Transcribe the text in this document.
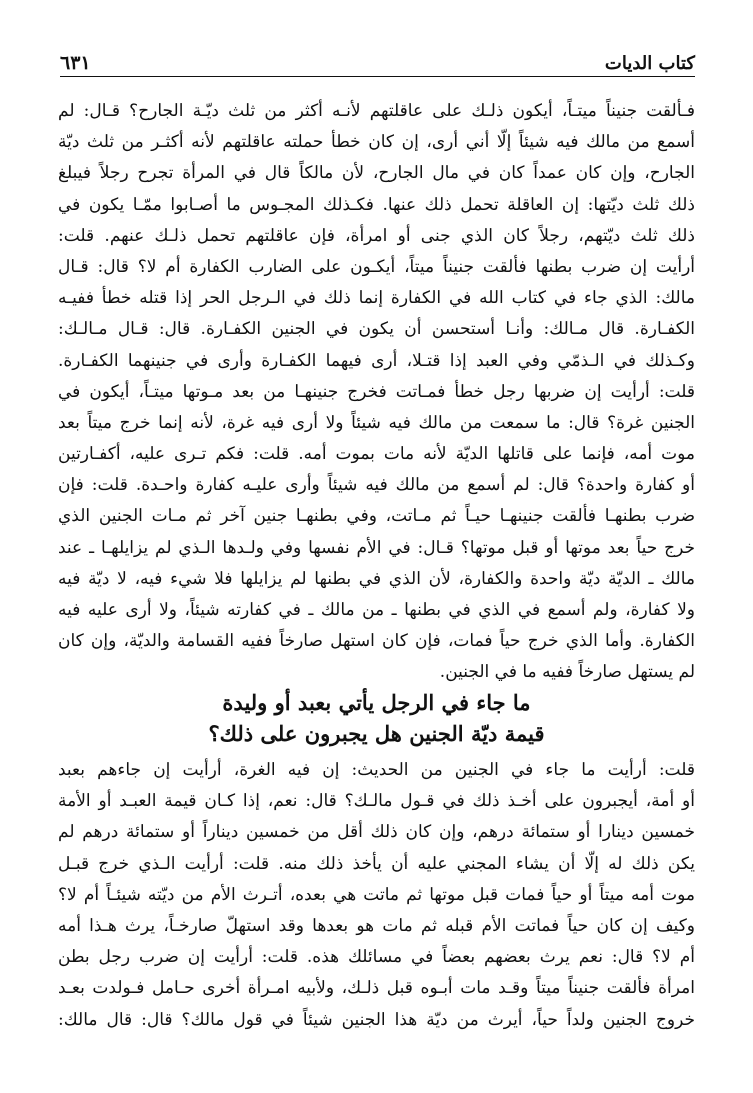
٦٣١	كتاب الديات
فـألقت جنيناً ميتـاً، أيكون ذلـك على عاقلتهم لأنـه أكثر من ثلث ديّـة الجارح؟ قـال: لم
أسمع من مالك فيه شيئاً إلّا أني أرى، إن كان خطأ حملته عاقلتهم لأنه أكثـر من ثلث ديّة
الجارح، وإن كان عمداً كان في مال الجارح، لأن مالكاً قال في المرأة تجرح رجلاً فيبلغ
ذلك ثلث ديّتها: إن العاقلة تحمل ذلك عنها. فكـذلك المجـوس ما أصـابوا ممّـا يكون في
ذلك ثلث ديّتهم، رجلاً كان الذي جنى أو امرأة، فإن عاقلتهم تحمل ذلـك عنهم. قلت:
أرأيت إن ضرب بطنها فألقت جنيناً ميتاً، أيكـون على الضارب الكفارة أم لا؟ قال: قـال
مالك: الذي جاء في كتاب الله في الكفارة إنما ذلك في الـرجل الحر إذا قتله خطأ ففيـه
الكفـارة. قال مـالك: وأنـا أستحسن أن يكون في الجنين الكفـارة. قال: قـال مـالـك:
وكـذلك في الـذمّي وفي العبد إذا قتـلا، أرى فيهما الكفـارة وأرى في جنينهما الكفـارة.
قلت: أرأيت إن ضربها رجل خطأ فمـاتت فخرج جنينهـا من بعد مـوتها ميتـاً، أيكون في
الجنين غرة؟ قال: ما سمعت من مالك فيه شيئاً ولا أرى فيه غرة، لأنه إنما خرج ميتاً بعد
موت أمه، فإنما على قاتلها الديّة لأنه مات بموت أمه. قلت: فكم تـرى عليه، أكفـارتين
أو كفارة واحدة؟ قال: لم أسمع من مالك فيه شيئاً وأرى عليـه كفارة واحـدة. قلت: فإن
ضرب بطنهـا فألقت جنينهـا حيـاً ثم مـاتت، وفي بطنهـا جنين آخر ثم مـات الجنين الذي
خرج حياً بعد موتها أو قبل موتها؟ قـال: في الأم نفسها وفي ولـدها الـذي لم يزايلهـا ـ عند
مالك ـ الديّة ديّة واحدة والكفارة، لأن الذي في بطنها لم يزايلها فلا شيء فيه، لا ديّة فيه
ولا كفارة، ولم أسمع في الذي في بطنها ـ من مالك ـ في كفارته شيئاً، ولا أرى عليه فيه
الكفارة. وأما الذي خرج حياً فمات، فإن كان استهل صارخاً ففيه القسامة والديّة، وإن كان
لم يستهل صارخاً ففيه ما في الجنين.
ما جاء في الرجل يأتي بعبد أو وليدة
قيمة ديّة الجنين هل يجبرون على ذلك؟
قلت: أرأيت ما جاء في الجنين من الحديث: إن فيه الغرة، أرأيت إن جاءهم بعبد
أو أمة، أيجبرون على أخـذ ذلك في قـول مالـك؟ قال: نعم، إذا كـان قيمة العبـد أو الأمة
خمسين دينارا أو ستمائة درهم، وإن كان ذلك أقل من خمسين ديناراً أو ستمائة درهم لم
يكن ذلك له إلّا أن يشاء المجني عليه أن يأخذ ذلك منه. قلت: أرأيت الـذي خرج قبـل
موت أمه ميتاً أو حياً فمات قبل موتها ثم ماتت هي بعده، أتـرث الأم من ديّته شيئـاً أم لا؟
وكيف إن كان حياً فماتت الأم قبله ثم مات هو بعدها وقد استهلّ صارخـاً، يرث هـذا أمه
أم لا؟ قال: نعم يرث بعضهم بعضاً في مسائلك هذه. قلت: أرأيت إن ضرب رجل بطن
امرأة فألقت جنيناً ميتاً وقـد مات أبـوه قبل ذلـك، ولأبيه امـرأة أخرى حـامل فـولدت بعـد
خروج الجنين ولداً حياً، أيرث من ديّة هذا الجنين شيئاً في قول مالك؟ قال: قال مالك:
